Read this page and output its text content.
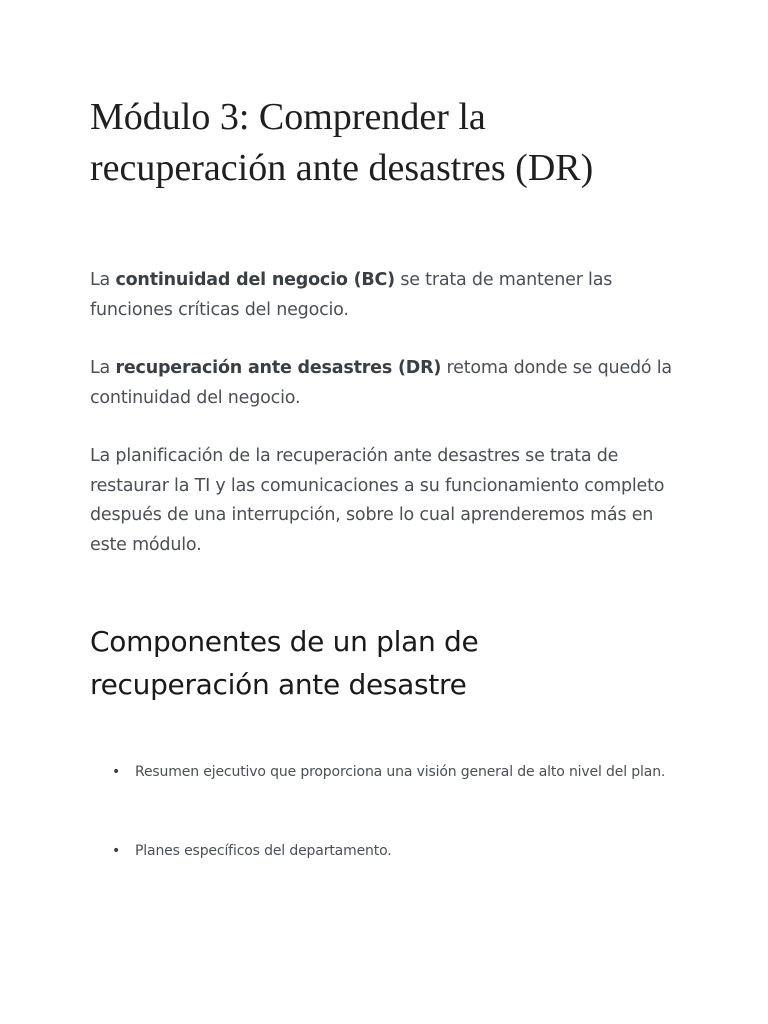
Módulo 3: Comprender la
recuperación ante desastres (DR)

La continuidad del negocio (BC) se trata de mantener las funciones críticas del negocio.

La recuperación ante desastres (DR) retoma donde se quedó la continuidad del negocio.

La planificación de la recuperación ante desastres se trata de restaurar la TI y las comunicaciones a su funcionamiento completo después de una interrupción, sobre lo cual aprenderemos más en este módulo.

Componentes de un plan de
recuperación ante desastre
• Resumen ejecutivo que proporciona una visión general de alto nivel del plan.
• Planes específicos del departamento.
